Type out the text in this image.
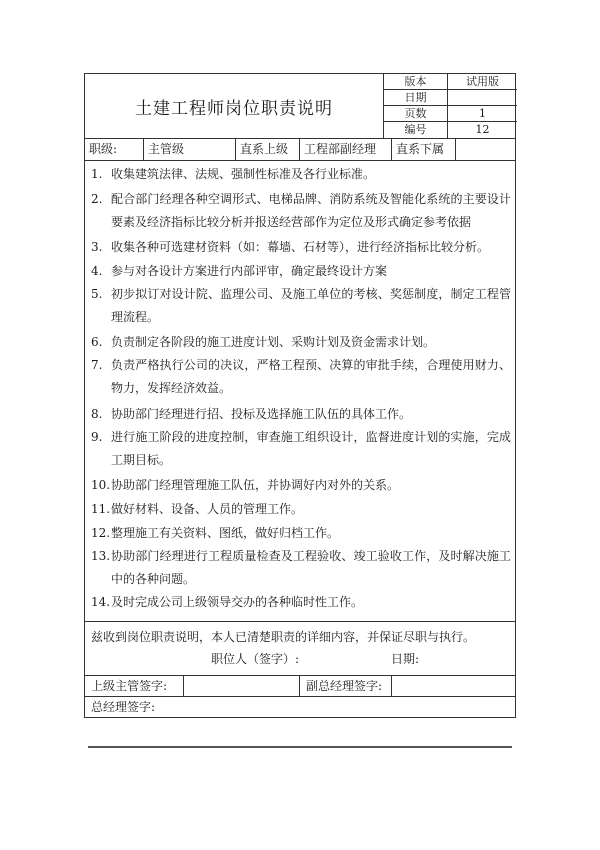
土建工程师岗位职责说明
版本	试用版
日期
页数	1
编号	12
职级:	主管级	直系上级	工程部副经理	直系下属
1. 收集建筑法律、法规、强制性标准及各行业标准。
2. 配合部门经理各种空调形式、电梯品牌、消防系统及智能化系统的主要设计要素及经济指标比较分析并报送经营部作为定位及形式确定参考依据
3. 收集各种可选建材资料（如：幕墙、石材等），进行经济指标比较分析。
4. 参与对各设计方案进行内部评审，确定最终设计方案
5. 初步拟订对设计院、监理公司、及施工单位的考核、奖惩制度，制定工程管理流程。
6. 负责制定各阶段的施工进度计划、采购计划及资金需求计划。
7. 负责严格执行公司的决议，严格工程预、决算的审批手续，合理使用财力、物力，发挥经济效益。
8. 协助部门经理进行招、投标及选择施工队伍的具体工作。
9. 进行施工阶段的进度控制，审查施工组织设计，监督进度计划的实施，完成工期目标。
10. 协助部门经理管理施工队伍，并协调好内对外的关系。
11. 做好材料、设备、人员的管理工作。
12. 整理施工有关资料、图纸，做好归档工作。
13. 协助部门经理进行工程质量检查及工程验收、竣工验收工作，及时解决施工中的各种问题。
14. 及时完成公司上级领导交办的各种临时性工作。
兹收到岗位职责说明，本人已清楚职责的详细内容，并保证尽职与执行。
职位人（签字）:	日期:
上级主管签字:	副总经理签字:
总经理签字:
